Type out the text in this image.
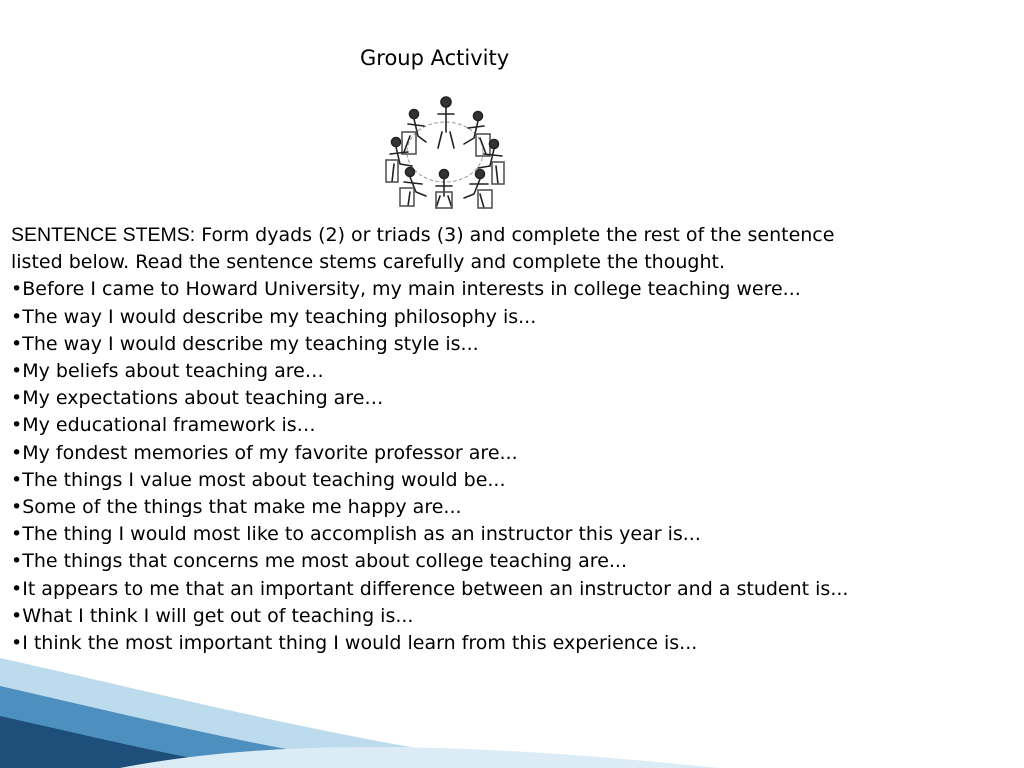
Group Activity

SENTENCE STEMS: Form dyads (2) or triads (3) and complete the rest of the sentence listed below. Read the sentence stems carefully and complete the thought.

•Before I came to Howard University, my main interests in college teaching were...
•The way I would describe my teaching philosophy is...
•The way I would describe my teaching style is...
•My beliefs about teaching are…
•My expectations about teaching are…
•My educational framework is…
•My fondest memories of my favorite professor are...
•The things I value most about teaching would be...
•Some of the things that make me happy are...
•The thing I would most like to accomplish as an instructor this year is...
•The things that concerns me most about college teaching are...
•It appears to me that an important difference between an instructor and a student is...
•What I think I will get out of teaching is...
•I think the most important thing I would learn from this experience is...
